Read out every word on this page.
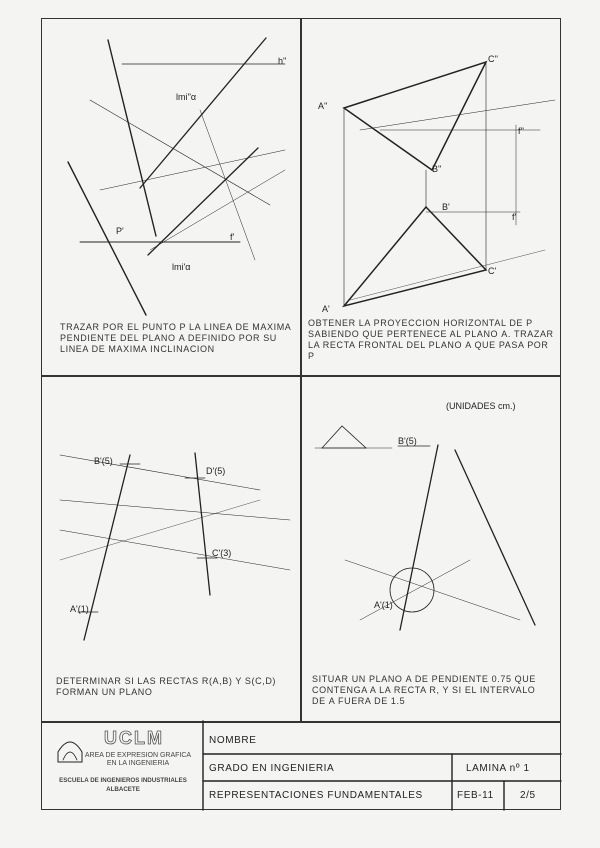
lmi''α
lmi'α
P'
h''
f'
TRAZAR POR EL PUNTO P LA LINEA DE MAXIMA PENDIENTE DEL PLANO Α DEFINIDO POR SU LINEA DE MAXIMA INCLINACION
A''
C''
B''
f''
B'
f'
C'
A'
OBTENER LA PROYECCION HORIZONTAL DE P SABIENDO QUE PERTENECE AL PLANO Α. TRAZAR LA RECTA FRONTAL DEL PLANO Α QUE PASA POR P
B'(5)
D'(5)
C'(3)
A'(1)
DETERMINAR SI LAS RECTAS R(A,B) Y S(C,D) FORMAN UN PLANO
(UNIDADES cm.)
B'(5)
A'(1)
SITUAR UN PLANO Α DE PENDIENTE 0.75 QUE CONTENGA A LA RECTA R, Y SI EL INTERVALO DE Α FUERA DE 1.5
UCLM
AREA DE EXPRESION GRAFICA EN LA INGENIERIA
ESCUELA DE INGENIEROS INDUSTRIALES
ALBACETE
NOMBRE
GRADO EN INGENIERIA	LAMINA nº 1
REPRESENTACIONES FUNDAMENTALES	FEB-11	2/5
